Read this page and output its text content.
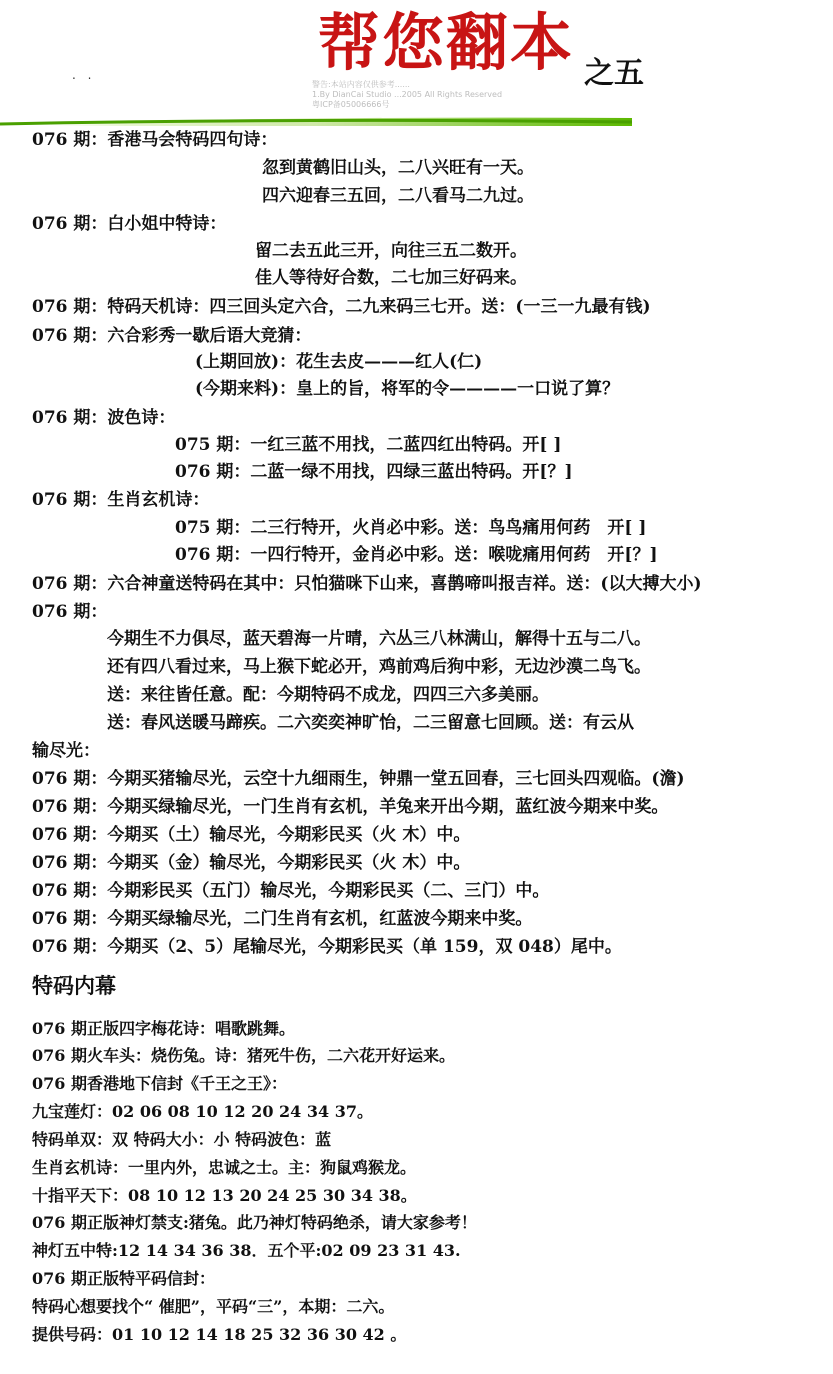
. .	帮您翻本 之五
警告:本站内容仅供参考......
1.By DianCai Studio ...2005 All Rights Reserved
粤ICP备05006666号
076 期：香港马会特码四句诗：
忽到黄鹤旧山头，二八兴旺有一天。
四六迎春三五回，二八看马二九过。
076 期：白小姐中特诗：
留二去五此三开，向往三五二数开。
佳人等待好合数，二七加三好码来。
076 期：特码天机诗：四三回头定六合，二九来码三七开。送：(一三一九最有钱)
076 期：六合彩秀一歇后语大竞猜：
(上期回放)：花生去皮———红人(仁)
(今期来料)：皇上的旨，将军的令————一口说了算？
076 期：波色诗：
075 期：一红三蓝不用找，二蓝四红出特码。开[ ]
076 期：二蓝一绿不用找，四绿三蓝出特码。开[？]
076 期：生肖玄机诗：
075 期：二三行特开，火肖必中彩。送：鸟鸟痛用何药　开[ ]
076 期：一四行特开，金肖必中彩。送：喉咙痛用何药　开[？]
076 期：六合神童送特码在其中：只怕猫咪下山来，喜鹊啼叫报吉祥。送：(以大搏大小)
076 期：
今期生不力俱尽，蓝天碧海一片晴，六丛三八林满山，解得十五与二八。
还有四八看过来，马上猴下蛇必开，鸡前鸡后狗中彩，无边沙漠二鸟飞。
送：来往皆任意。配：今期特码不成龙，四四三六多美丽。
送：春风送暖马蹄疾。二六奕奕神旷怡，二三留意七回顾。送：有云从
输尽光：
076 期：今期买猪输尽光，云空十九细雨生，钟鼎一堂五回春，三七回头四观临。(澹)
076 期：今期买绿输尽光，一门生肖有玄机，羊兔来开出今期，蓝红波今期来中奖。
076 期：今期买（土）输尽光，今期彩民买（火 木）中。
076 期：今期买（金）输尽光，今期彩民买（火 木）中。
076 期：今期彩民买（五门）输尽光，今期彩民买（二、三门）中。
076 期：今期买绿输尽光，二门生肖有玄机，红蓝波今期来中奖。
076 期：今期买（2、5）尾输尽光，今期彩民买（单 159，双 048）尾中。
特码内幕
076 期正版四字梅花诗：唱歌跳舞。
076 期火车头：烧伤兔。诗：猪死牛伤，二六花开好运来。
076 期香港地下信封《千王之王》：
九宝莲灯：02 06 08 10 12 20 24 34 37。
特码单双：双 特码大小：小 特码波色：蓝
生肖玄机诗：一里内外，忠诚之士。主：狗鼠鸡猴龙。
十指平天下：08 10 12 13 20 24 25 30 34 38。
076 期正版神灯禁支:猪兔。此乃神灯特码绝杀，请大家参考！
神灯五中特:12 14 34 36 38．五个平:02 09 23 31 43.
076 期正版特平码信封：
特码心想要找个“ 催肥”，平码“三”，本期：二六。
提供号码：01 10 12 14 18 25 32 36 30 42 。
